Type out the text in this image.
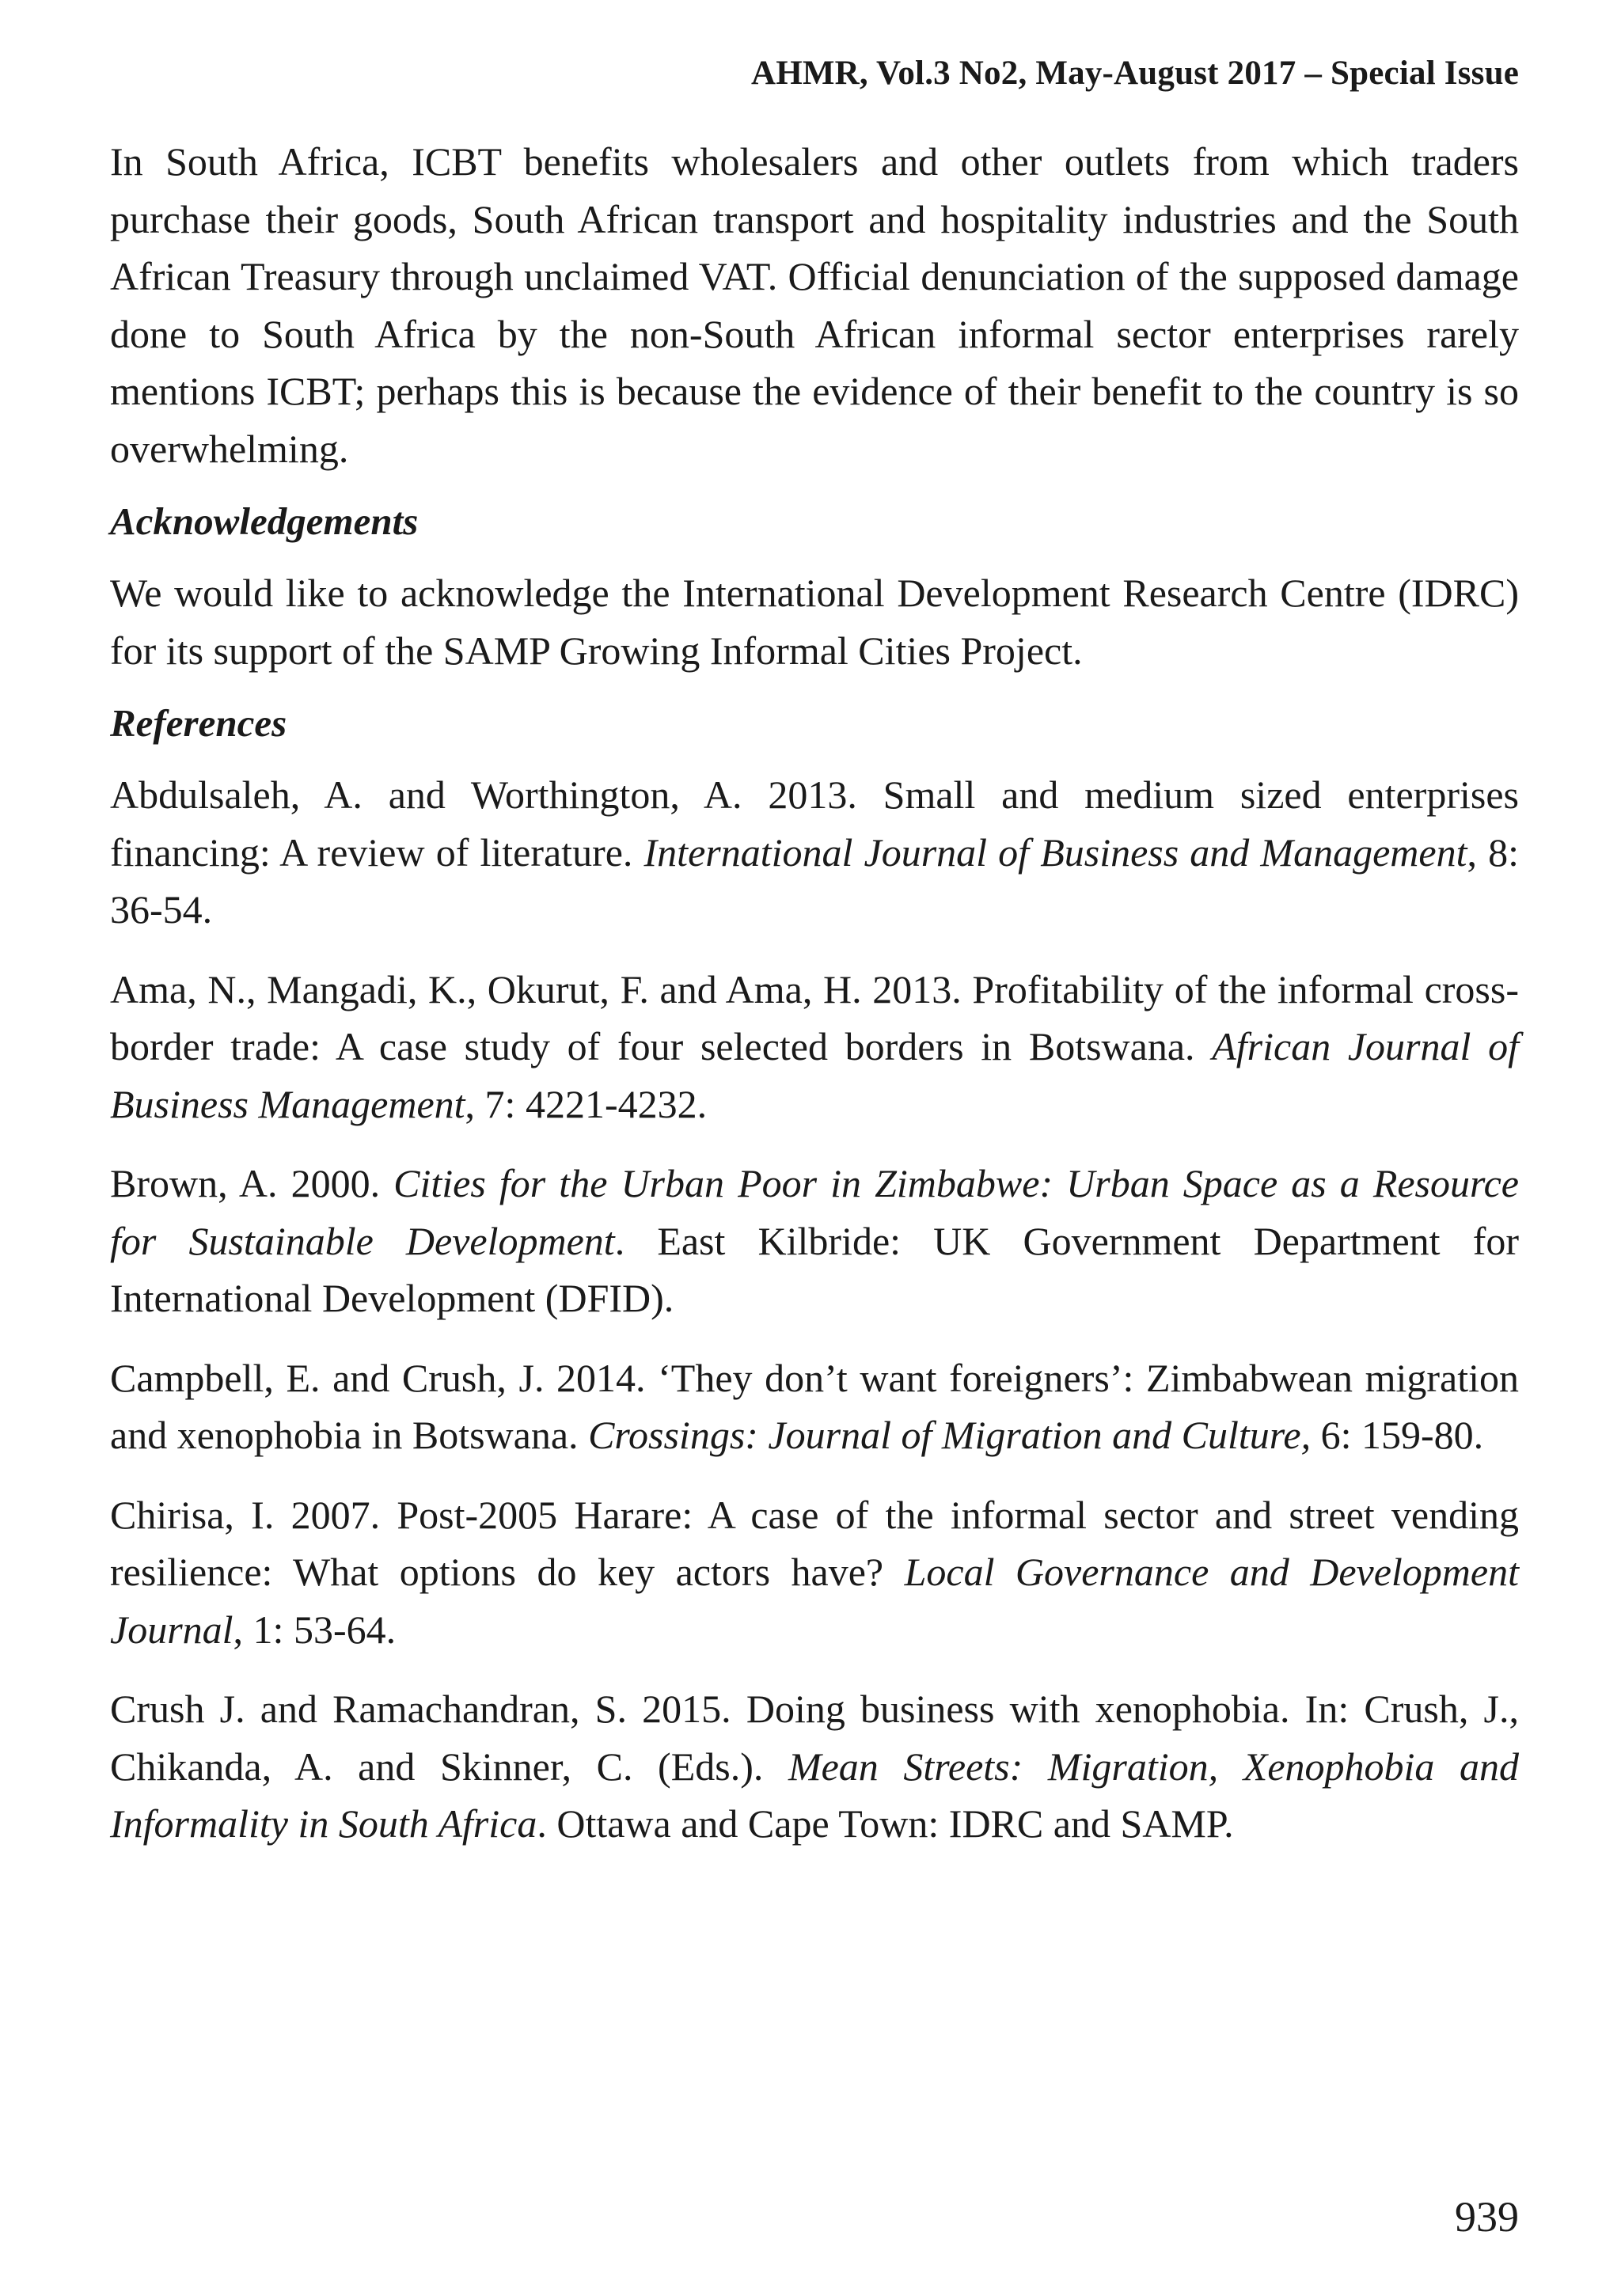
AHMR, Vol.3 No2, May-August 2017 – Special Issue

In South Africa, ICBT benefits wholesalers and other outlets from which traders purchase their goods, South African transport and hospitality industries and the South African Treasury through unclaimed VAT. Official denunciation of the supposed damage done to South Africa by the non-South African informal sector enterprises rarely mentions ICBT; perhaps this is because the evidence of their benefit to the country is so overwhelming.

Acknowledgements

We would like to acknowledge the International Development Research Centre (IDRC) for its support of the SAMP Growing Informal Cities Project.

References

Abdulsaleh, A. and Worthington, A. 2013. Small and medium sized enterprises financing: A review of literature. International Journal of Business and Management, 8: 36-54.

Ama, N., Mangadi, K., Okurut, F. and Ama, H. 2013. Profitability of the informal cross-border trade: A case study of four selected borders in Botswana. African Journal of Business Management, 7: 4221-4232.

Brown, A. 2000. Cities for the Urban Poor in Zimbabwe: Urban Space as a Resource for Sustainable Development. East Kilbride: UK Government Department for International Development (DFID).

Campbell, E. and Crush, J. 2014. ‘They don’t want foreigners’: Zimbabwean migration and xenophobia in Botswana. Crossings: Journal of Migration and Culture, 6: 159-80.

Chirisa, I. 2007. Post-2005 Harare: A case of the informal sector and street vending resilience: What options do key actors have? Local Governance and Development Journal, 1: 53-64.

Crush J. and Ramachandran, S. 2015. Doing business with xenophobia. In: Crush, J., Chikanda, A. and Skinner, C. (Eds.). Mean Streets: Migration, Xenophobia and Informality in South Africa. Ottawa and Cape Town: IDRC and SAMP.

939
